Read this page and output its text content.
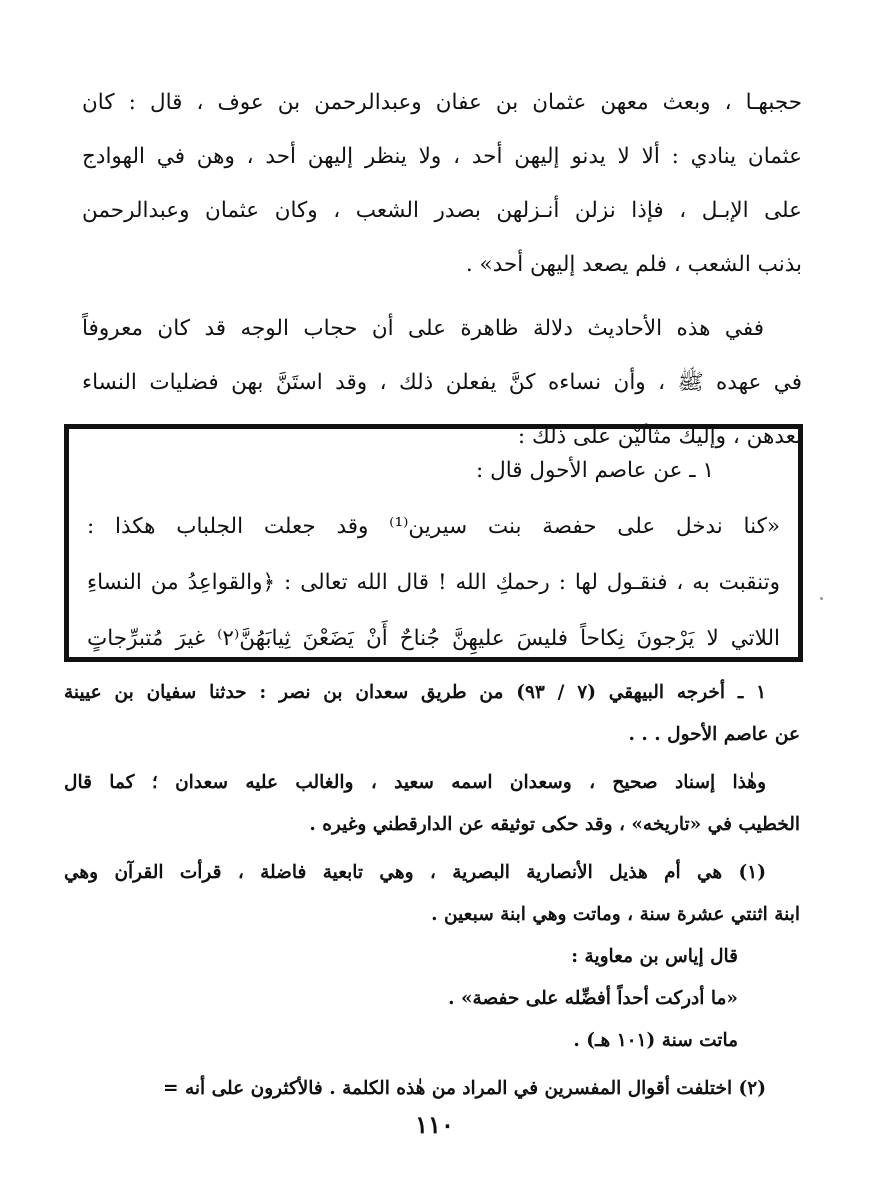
حجبهـا ، وبعث معهن عثمان بن عفان وعبدالرحمن بن عوف ، قال : كان
عثمان ينادي : ألا لا يدنو إليهن أحد ، ولا ينظر إليهن أحد ، وهن في الهوادج
على الإبـل ، فإذا نزلن أنـزلهن بصدر الشعب ، وكان عثمان وعبدالرحمن
بذنب الشعب ، فلم يصعد إليهن أحد» .
ففي هذه الأحاديث دلالة ظاهرة على أن حجاب الوجه قد كان معروفاً
في عهده ﷺ ، وأن نساءه كنَّ يفعلن ذلك ، وقد استَنَّ بهن فضليات النساء
بعدهن ، وإليك مثالَيْن على ذلك :
١ ـ عن عاصم الأحول قال :
«كنا ندخل على حفصة بنت سيرين⁽¹⁾ وقد جعلت الجلباب هكذا :
وتنقبت به ، فنقـول لها : رحمكِ الله ! قال الله تعالى : ﴿والقواعِدُ من النساءِ
اللاتي لا يَرْجونَ نِكاحاً فليسَ عليهِنَّ جُناحٌ أَنْ يَضَعْنَ ثِيابَهُنَّ⁽٢⁾ غيرَ مُتبرِّجاتٍ
١ ـ أخرجه البيهقي (٧ / ٩٣) من طريق سعدان بن نصر : حدثنا سفيان بن عيينة
عن عاصم الأحول . . .
وهٰذا إسناد صحيح ، وسعدان اسمه سعيد ، والغالب عليه سعدان ؛ كما قال
الخطيب في «تاريخه» ، وقد حكى توثيقه عن الدارقطني وغيره .
(١) هي أم هذيل الأنصارية البصرية ، وهي تابعية فاضلة ، قرأت القرآن وهي
ابنة اثنتي عشرة سنة ، وماتت وهي ابنة سبعين .
قال إياس بن معاوية :
«ما أدركت أحداً أفضِّله على حفصة» .
ماتت سنة (١٠١ هـ) .
(٢) اختلفت أقوال المفسرين في المراد من هٰذه الكلمة . فالأكثرون على أنه =
١١٠
